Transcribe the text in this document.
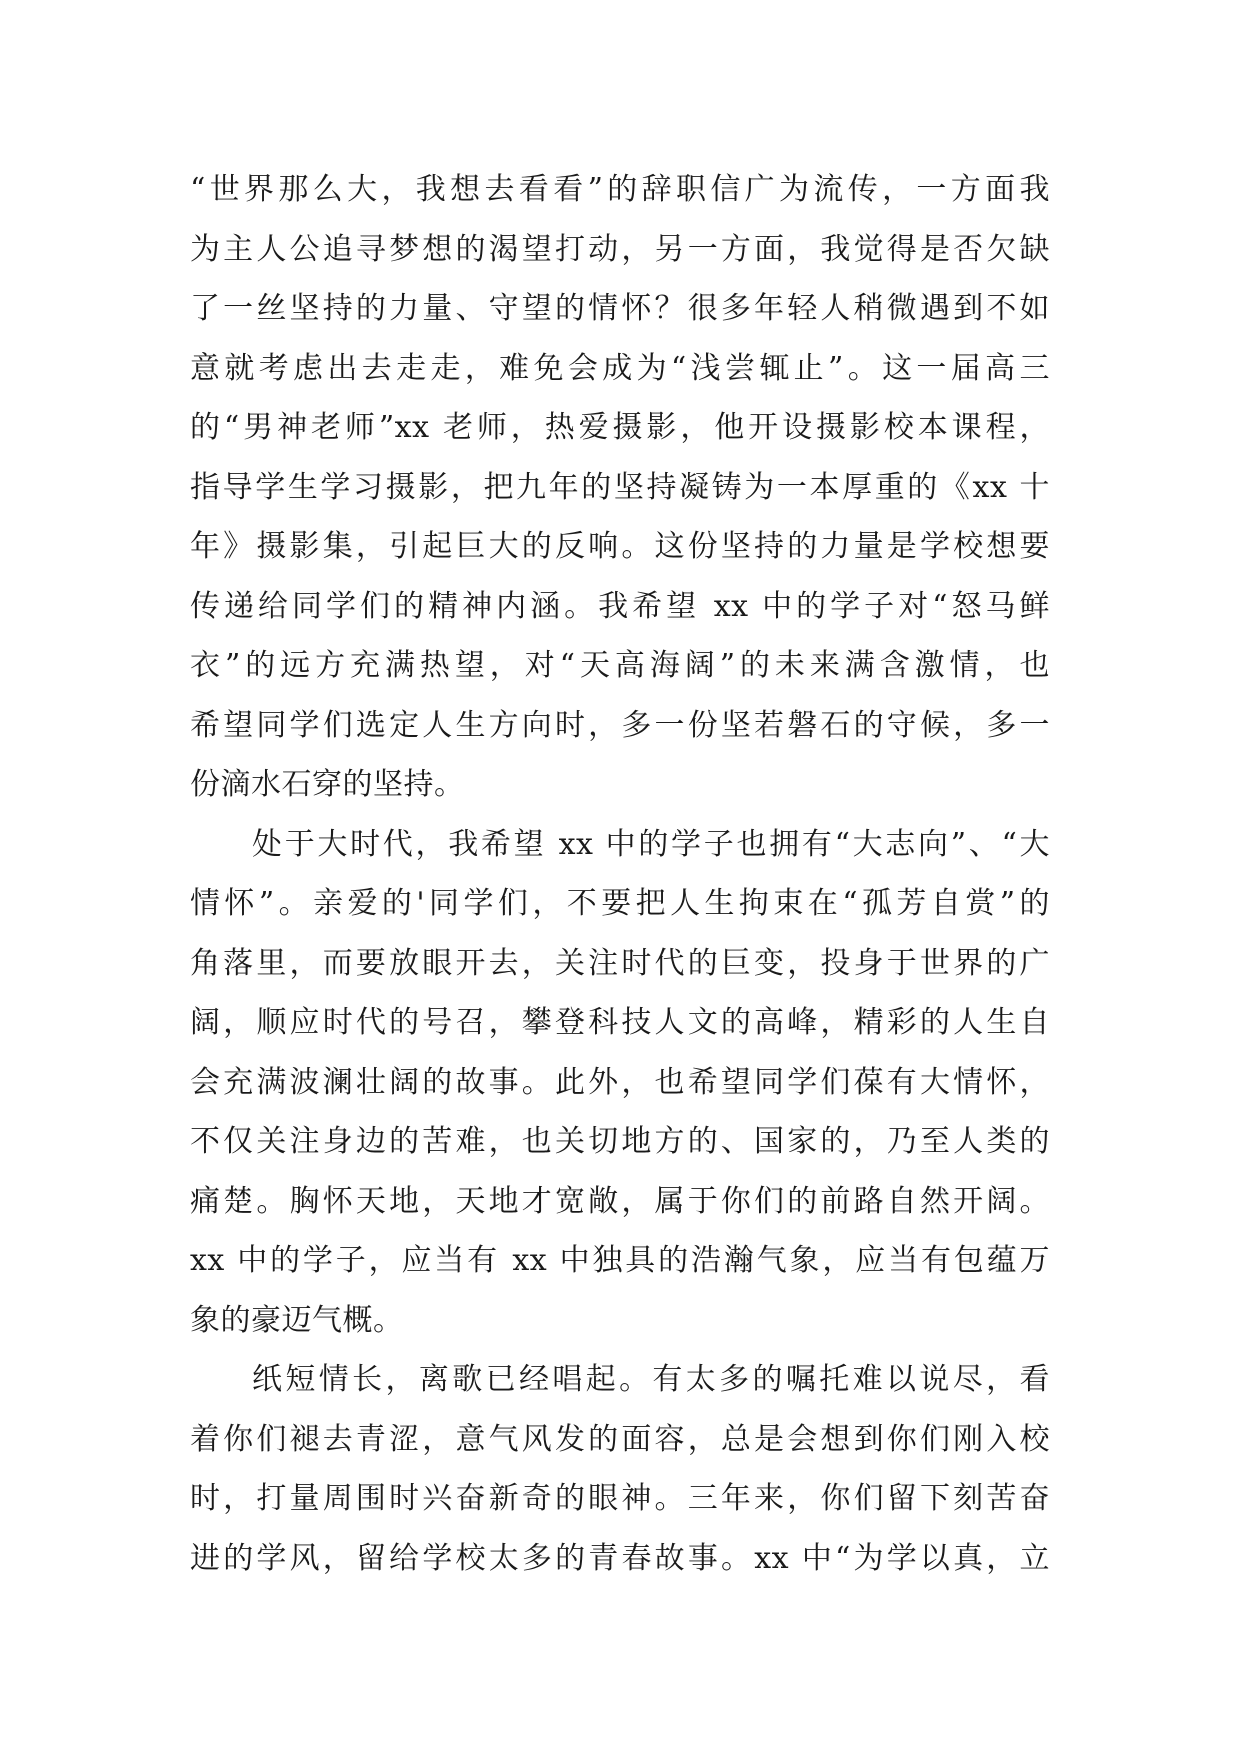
“世界那么大，我想去看看”的辞职信广为流传，一方面我
为主人公追寻梦想的渴望打动，另一方面，我觉得是否欠缺
了一丝坚持的力量、守望的情怀？很多年轻人稍微遇到不如
意就考虑出去走走，难免会成为“浅尝辄止”。这一届高三
的“男神老师”xx 老师，热爱摄影，他开设摄影校本课程，
指导学生学习摄影，把九年的坚持凝铸为一本厚重的《xx 十
年》摄影集，引起巨大的反响。这份坚持的力量是学校想要
传递给同学们的精神内涵。我希望 xx 中的学子对“怒马鲜
衣”的远方充满热望，对“天高海阔”的未来满含激情，也
希望同学们选定人生方向时，多一份坚若磐石的守候，多一
份滴水石穿的坚持。
处于大时代，我希望 xx 中的学子也拥有“大志向”、“大
情怀”。亲爱的'同学们，不要把人生拘束在“孤芳自赏”的
角落里，而要放眼开去，关注时代的巨变，投身于世界的广
阔，顺应时代的号召，攀登科技人文的高峰，精彩的人生自
会充满波澜壮阔的故事。此外，也希望同学们葆有大情怀，
不仅关注身边的苦难，也关切地方的、国家的，乃至人类的
痛楚。胸怀天地，天地才宽敞，属于你们的前路自然开阔。
xx 中的学子，应当有 xx 中独具的浩瀚气象，应当有包蕴万
象的豪迈气概。
纸短情长，离歌已经唱起。有太多的嘱托难以说尽，看
着你们褪去青涩，意气风发的面容，总是会想到你们刚入校
时，打量周围时兴奋新奇的眼神。三年来，你们留下刻苦奋
进的学风，留给学校太多的青春故事。xx 中“为学以真，立
